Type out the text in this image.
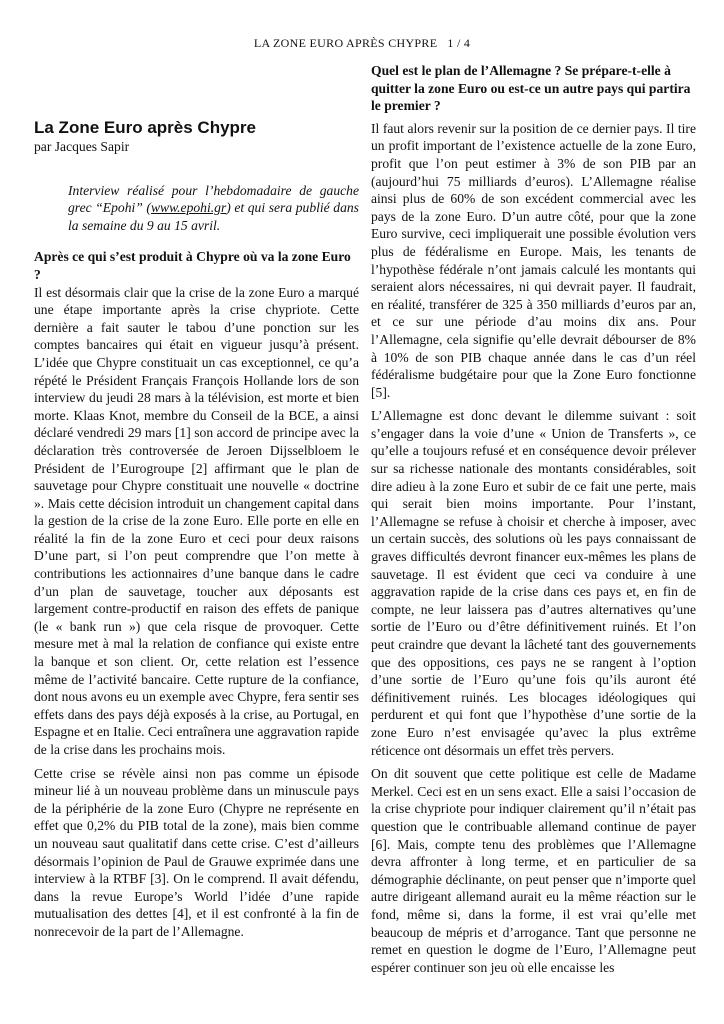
LA ZONE EURO APRÈS CHYPRE 1 / 4
La Zone Euro après Chypre
par Jacques Sapir

Interview réalisé pour l’hebdomadaire de gauche grec “Epohi” (www.epohi.gr) et qui sera publié dans la semaine du 9 au 15 avril.

Après ce qui s’est produit à Chypre où va la zone Euro ?

Il est désormais clair que la crise de la zone Euro a marqué une étape importante après la crise chypriote. Cette dernière a fait sauter le tabou d’une ponction sur les comptes bancaires qui était en vigueur jusqu’à présent. L’idée que Chypre constituait un cas exceptionnel, ce qu’a répété le Président Français François Hollande lors de son interview du jeudi 28 mars à la télévision, est morte et bien morte. Klaas Knot, membre du Conseil de la BCE, a ainsi déclaré vendredi 29 mars [1] son accord de principe avec la déclaration très controversée de Jeroen Dijsselbloem le Président de l’Eurogroupe [2] affirmant que le plan de sauvetage pour Chypre constituait une nouvelle « doctrine ». Mais cette décision introduit un changement capital dans la gestion de la crise de la zone Euro. Elle porte en elle en réalité la fin de la zone Euro et ceci pour deux raisons D’une part, si l’on peut comprendre que l’on mette à contributions les actionnaires d’une banque dans le cadre d’un plan de sauvetage, toucher aux déposants est largement contre-productif en raison des effets de panique (le « bank run ») que cela risque de provoquer. Cette mesure met à mal la relation de confiance qui existe entre la banque et son client. Or, cette relation est l’essence même de l’activité bancaire. Cette rupture de la confiance, dont nous avons eu un exemple avec Chypre, fera sentir ses effets dans des pays déjà exposés à la crise, au Portugal, en Espagne et en Italie. Ceci entraînera une aggravation rapide de la crise dans les prochains mois.

Cette crise se révèle ainsi non pas comme un épisode mineur lié à un nouveau problème dans un minuscule pays de la périphérie de la zone Euro (Chypre ne représente en effet que 0,2% du PIB total de la zone), mais bien comme un nouveau saut qualitatif dans cette crise. C’est d’ailleurs désormais l’opinion de Paul de Grauwe exprimée dans une interview à la RTBF [3]. On le comprend. Il avait défendu, dans la revue Europe’s World l’idée d’une rapide mutualisation des dettes [4], et il est confronté à la fin de nonrecevoir de la part de l’Allemagne.

Quel est le plan de l’Allemagne ? Se prépare-t-elle à quitter la zone Euro ou est-ce un autre pays qui partira le premier ?

Il faut alors revenir sur la position de ce dernier pays. Il tire un profit important de l’existence actuelle de la zone Euro, profit que l’on peut estimer à 3% de son PIB par an (aujourd’hui 75 milliards d’euros). L’Allemagne réalise ainsi plus de 60% de son excédent commercial avec les pays de la zone Euro. D’un autre côté, pour que la zone Euro survive, ceci impliquerait une possible évolution vers plus de fédéralisme en Europe. Mais, les tenants de l’hypothèse fédérale n’ont jamais calculé les montants qui seraient alors nécessaires, ni qui devrait payer. Il faudrait, en réalité, transférer de 325 à 350 milliards d’euros par an, et ce sur une période d’au moins dix ans. Pour l’Allemagne, cela signifie qu’elle devrait débourser de 8% à 10% de son PIB chaque année dans le cas d’un réel fédéralisme budgétaire pour que la Zone Euro fonctionne [5].

L’Allemagne est donc devant le dilemme suivant : soit s’engager dans la voie d’une « Union de Transferts », ce qu’elle a toujours refusé et en conséquence devoir prélever sur sa richesse nationale des montants considérables, soit dire adieu à la zone Euro et subir de ce fait une perte, mais qui serait bien moins importante. Pour l’instant, l’Allemagne se refuse à choisir et cherche à imposer, avec un certain succès, des solutions où les pays connaissant de graves difficultés devront financer eux-mêmes les plans de sauvetage. Il est évident que ceci va conduire à une aggravation rapide de la crise dans ces pays et, en fin de compte, ne leur laissera pas d’autres alternatives qu’une sortie de l’Euro ou d’être définitivement ruinés. Et l’on peut craindre que devant la lâcheté tant des gouvernements que des oppositions, ces pays ne se rangent à l’option d’une sortie de l’Euro qu’une fois qu’ils auront été définitivement ruinés. Les blocages idéologiques qui perdurent et qui font que l’hypothèse d’une sortie de la zone Euro n’est envisagée qu’avec la plus extrême réticence ont désormais un effet très pervers.

On dit souvent que cette politique est celle de Madame Merkel. Ceci est en un sens exact. Elle a saisi l’occasion de la crise chypriote pour indiquer clairement qu’il n’était pas question que le contribuable allemand continue de payer [6]. Mais, compte tenu des problèmes que l’Allemagne devra affronter à long terme, et en particulier de sa démographie déclinante, on peut penser que n’importe quel autre dirigeant allemand aurait eu la même réaction sur le fond, même si, dans la forme, il est vrai qu’elle met beaucoup de mépris et d’arrogance. Tant que personne ne remet en question le dogme de l’Euro, l’Allemagne peut espérer continuer son jeu où elle encaisse les
